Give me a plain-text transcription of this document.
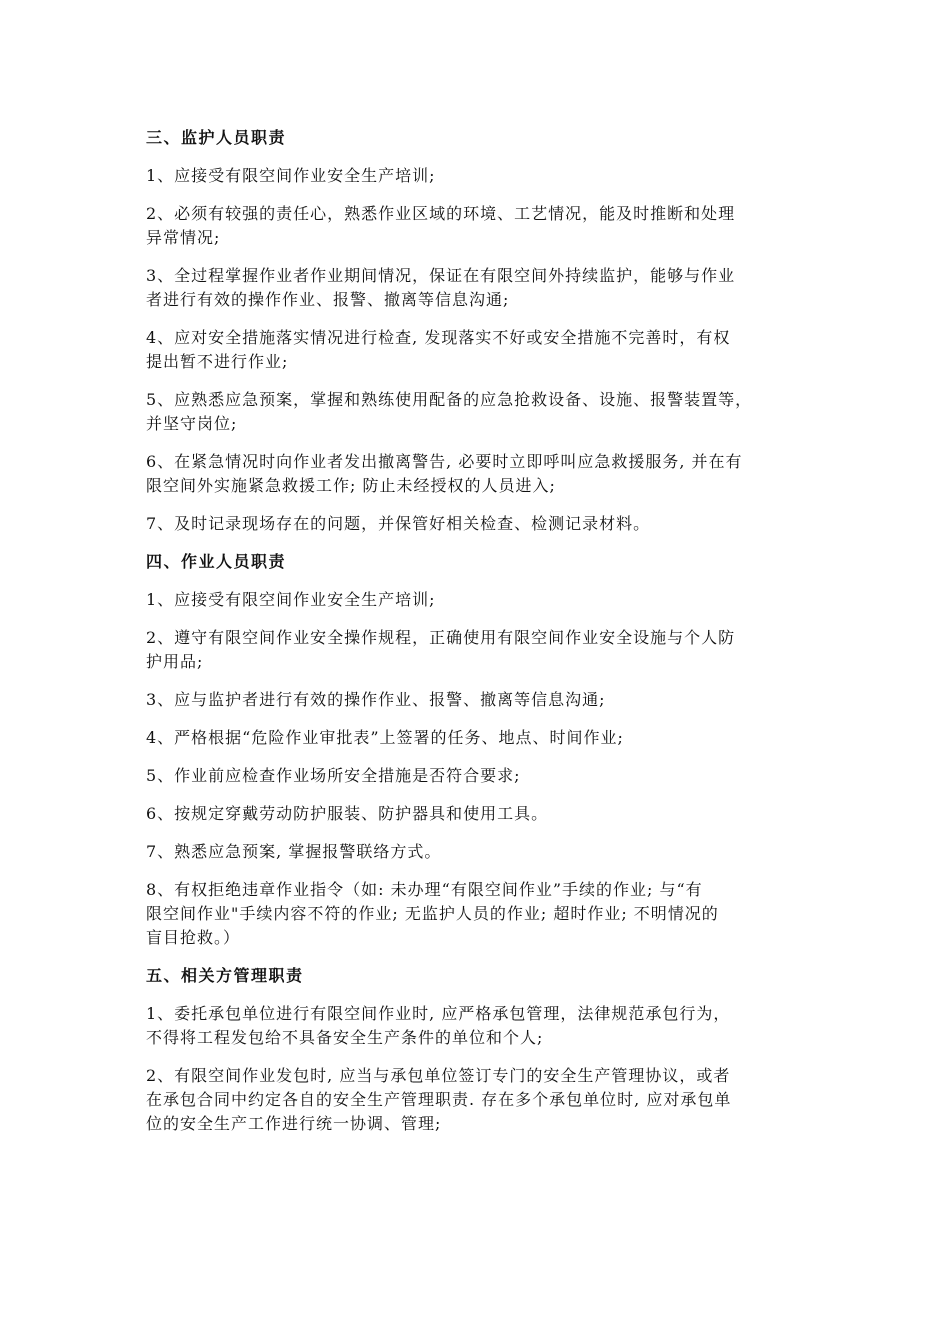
三、监护人员职责
1、应接受有限空间作业安全生产培训;
2、必须有较强的责任心，熟悉作业区域的环境、工艺情况，能及时推断和处理
异常情况;
3、全过程掌握作业者作业期间情况，保证在有限空间外持续监护，能够与作业
者进行有效的操作作业、报警、撤离等信息沟通;
4、应对安全措施落实情况进行检查, 发现落实不好或安全措施不完善时，有权
提出暂不进行作业;
5、应熟悉应急预案，掌握和熟练使用配备的应急抢救设备、设施、报警装置等，
并坚守岗位;
6、在紧急情况时向作业者发出撤离警告, 必要时立即呼叫应急救援服务, 并在有
限空间外实施紧急救援工作; 防止未经授权的人员进入;
7、及时记录现场存在的问题，并保管好相关检查、检测记录材料。
四、作业人员职责
1、应接受有限空间作业安全生产培训;
2、遵守有限空间作业安全操作规程，正确使用有限空间作业安全设施与个人防
护用品;
3、应与监护者进行有效的操作作业、报警、撤离等信息沟通;
4、严格根据“危险作业审批表”上签署的任务、地点、时间作业;
5、作业前应检查作业场所安全措施是否符合要求;
6、按规定穿戴劳动防护服装、防护器具和使用工具。
7、熟悉应急预案, 掌握报警联络方式。
8、有权拒绝违章作业指令（如: 未办理“有限空间作业”手续的作业; 与“有
限空间作业"手续内容不符的作业; 无监护人员的作业; 超时作业; 不明情况的
盲目抢救。）
五、相关方管理职责
1、委托承包单位进行有限空间作业时, 应严格承包管理，法律规范承包行为，
不得将工程发包给不具备安全生产条件的单位和个人;
2、有限空间作业发包时, 应当与承包单位签订专门的安全生产管理协议，或者
在承包合同中约定各自的安全生产管理职责. 存在多个承包单位时, 应对承包单
位的安全生产工作进行统一协调、管理;
